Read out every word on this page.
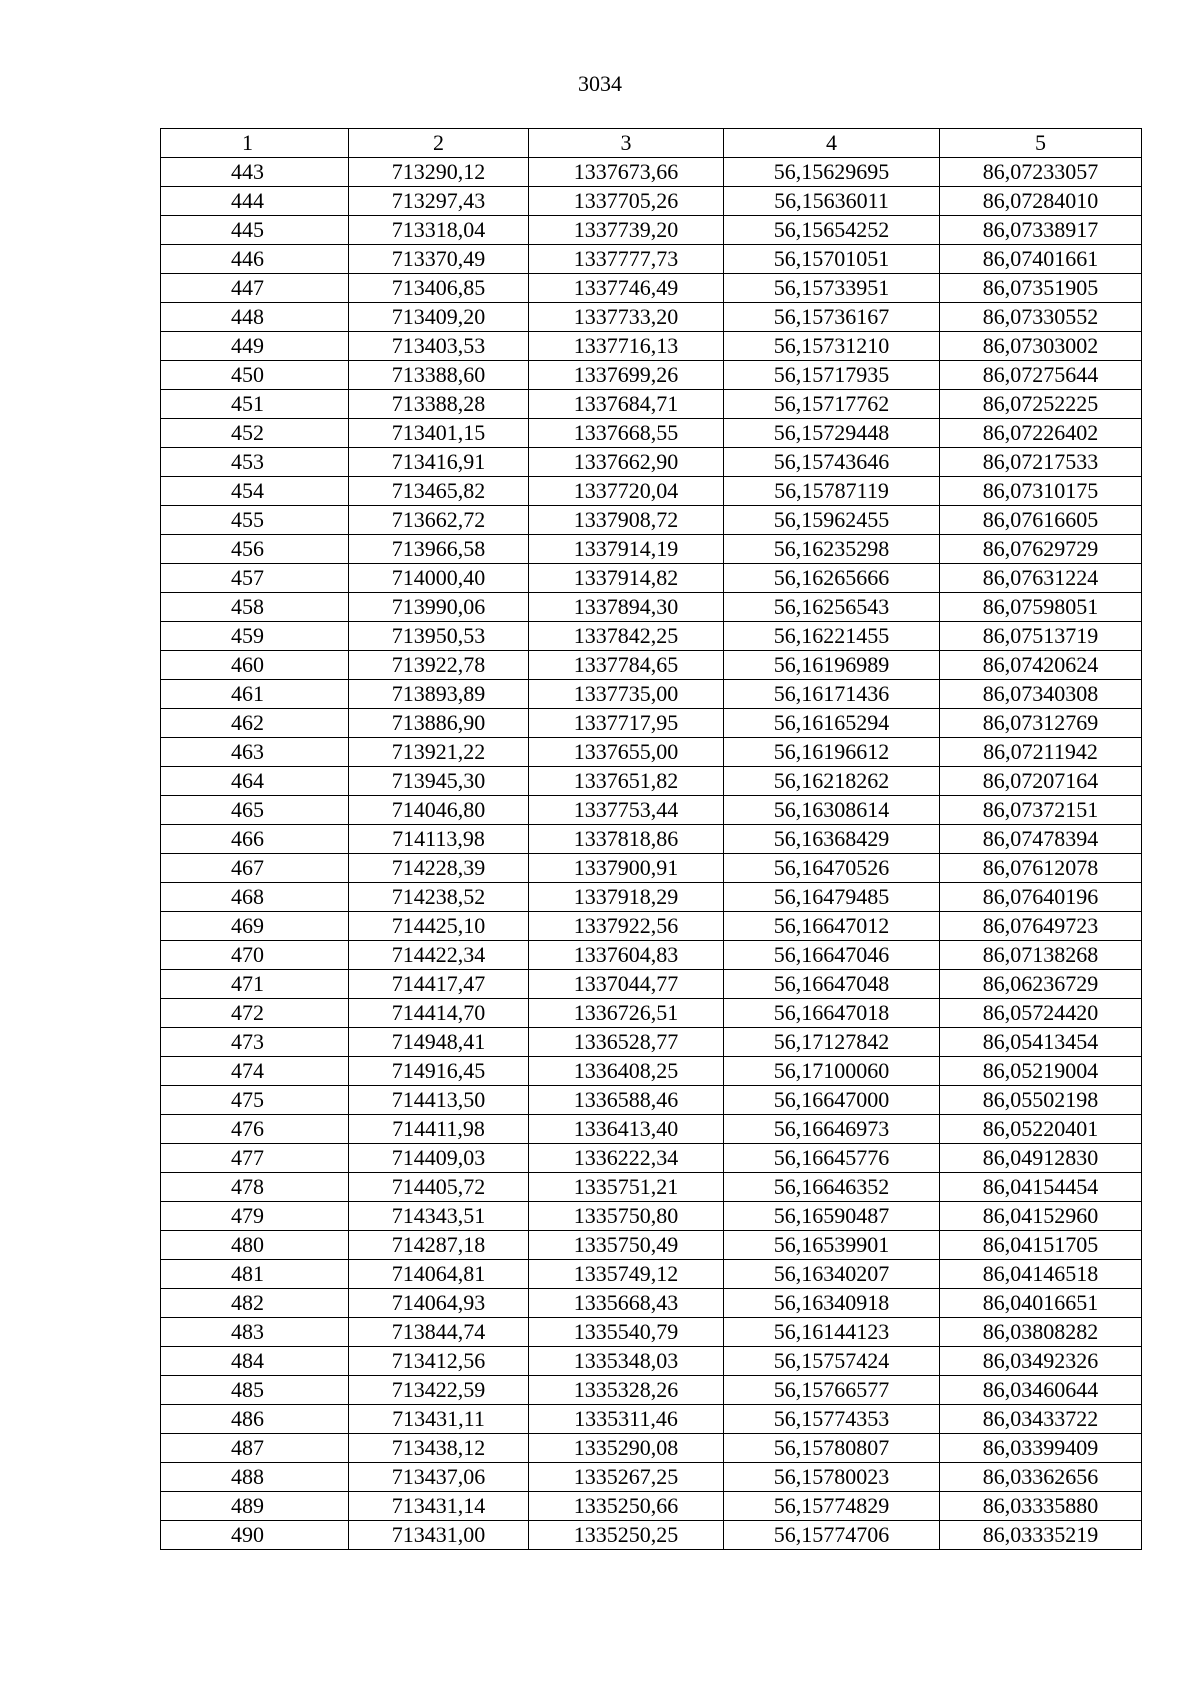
3034
1	2	3	4	5
443	713290,12	1337673,66	56,15629695	86,07233057
444	713297,43	1337705,26	56,15636011	86,07284010
445	713318,04	1337739,20	56,15654252	86,07338917
446	713370,49	1337777,73	56,15701051	86,07401661
447	713406,85	1337746,49	56,15733951	86,07351905
448	713409,20	1337733,20	56,15736167	86,07330552
449	713403,53	1337716,13	56,15731210	86,07303002
450	713388,60	1337699,26	56,15717935	86,07275644
451	713388,28	1337684,71	56,15717762	86,07252225
452	713401,15	1337668,55	56,15729448	86,07226402
453	713416,91	1337662,90	56,15743646	86,07217533
454	713465,82	1337720,04	56,15787119	86,07310175
455	713662,72	1337908,72	56,15962455	86,07616605
456	713966,58	1337914,19	56,16235298	86,07629729
457	714000,40	1337914,82	56,16265666	86,07631224
458	713990,06	1337894,30	56,16256543	86,07598051
459	713950,53	1337842,25	56,16221455	86,07513719
460	713922,78	1337784,65	56,16196989	86,07420624
461	713893,89	1337735,00	56,16171436	86,07340308
462	713886,90	1337717,95	56,16165294	86,07312769
463	713921,22	1337655,00	56,16196612	86,07211942
464	713945,30	1337651,82	56,16218262	86,07207164
465	714046,80	1337753,44	56,16308614	86,07372151
466	714113,98	1337818,86	56,16368429	86,07478394
467	714228,39	1337900,91	56,16470526	86,07612078
468	714238,52	1337918,29	56,16479485	86,07640196
469	714425,10	1337922,56	56,16647012	86,07649723
470	714422,34	1337604,83	56,16647046	86,07138268
471	714417,47	1337044,77	56,16647048	86,06236729
472	714414,70	1336726,51	56,16647018	86,05724420
473	714948,41	1336528,77	56,17127842	86,05413454
474	714916,45	1336408,25	56,17100060	86,05219004
475	714413,50	1336588,46	56,16647000	86,05502198
476	714411,98	1336413,40	56,16646973	86,05220401
477	714409,03	1336222,34	56,16645776	86,04912830
478	714405,72	1335751,21	56,16646352	86,04154454
479	714343,51	1335750,80	56,16590487	86,04152960
480	714287,18	1335750,49	56,16539901	86,04151705
481	714064,81	1335749,12	56,16340207	86,04146518
482	714064,93	1335668,43	56,16340918	86,04016651
483	713844,74	1335540,79	56,16144123	86,03808282
484	713412,56	1335348,03	56,15757424	86,03492326
485	713422,59	1335328,26	56,15766577	86,03460644
486	713431,11	1335311,46	56,15774353	86,03433722
487	713438,12	1335290,08	56,15780807	86,03399409
488	713437,06	1335267,25	56,15780023	86,03362656
489	713431,14	1335250,66	56,15774829	86,03335880
490	713431,00	1335250,25	56,15774706	86,03335219
